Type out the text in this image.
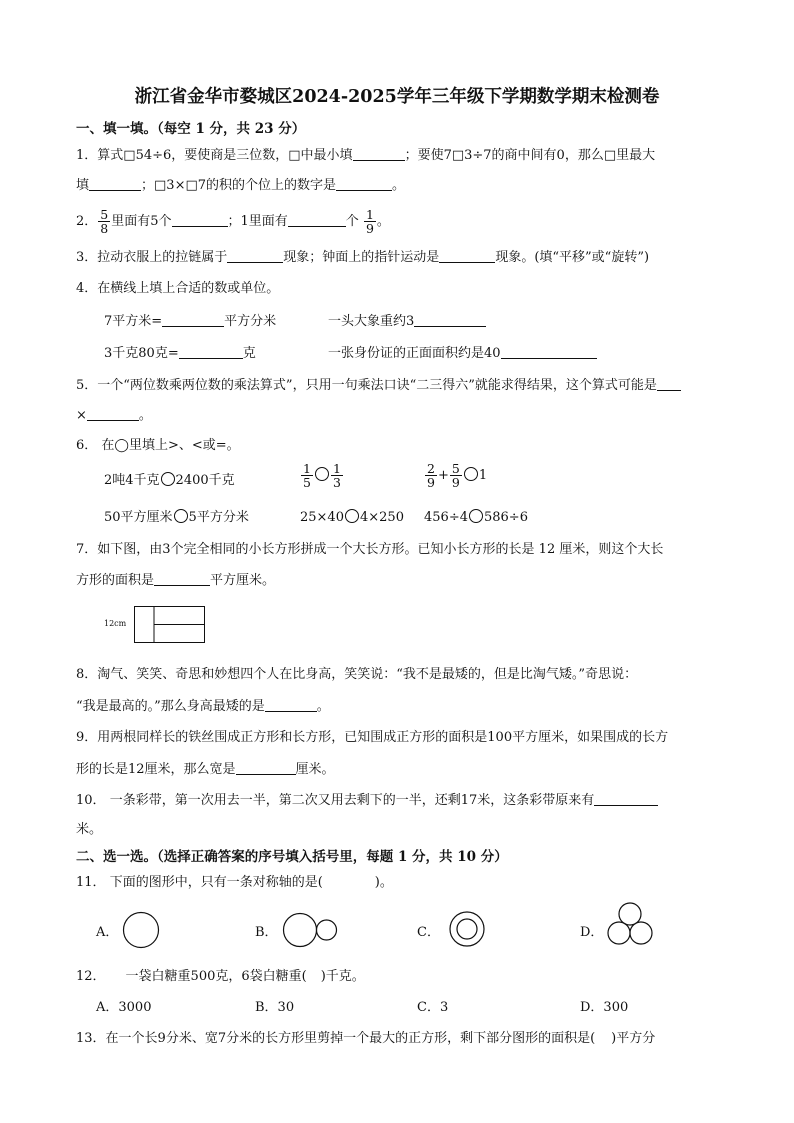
浙江省金华市婺城区2024-2025学年三年级下学期数学期末检测卷
一、填一填。（每空 1 分，共 23 分）
1．算式□54÷6，要使商是三位数，□中最小填	；要使7□3÷7的商中间有0，那么□里最大
填	；□3×□7的积的个位上的数字是	。
2． $\frac{5}{8}$ 里面有5个	；1里面有	个 $\frac{1}{9}$ 。
3．拉动衣服上的拉链属于	现象；钟面上的指针运动是	现象。(填“平移”或“旋转”)
4．在横线上填上合适的数或单位。
7平方米=	平方分米	一头大象重约3
3千克80克=	克	一张身份证的正面面积约是40
5．一个“两位数乘两位数的乘法算式”，只用一句乘法口诀“二三得六”就能求得结果，这个算式可能是
×	。
6． 在◯里填上>、<或=。
2吨4千克 2400千克	$\frac{1}{5} \frac{1}{3}$	$\frac{2}{9} + \frac{5}{9} 1$
50平方厘米 5平方分米	25×40 4×250 456÷4 586÷6
7．如下图，由3个完全相同的小长方形拼成一个大长方形。已知小长方形的长是 12 厘米，则这个大长
方形的面积是	平方厘米。
12cm
8．淘气、笑笑、奇思和妙想四个人在比身高，笑笑说：“我不是最矮的，但是比淘气矮。”奇思说：
“我是最高的。”那么身高最矮的是	。
9．用两根同样长的铁丝围成正方形和长方形，已知围成正方形的面积是100平方厘米，如果围成的长方
形的长是12厘米，那么宽是	厘米。
10． 一条彩带，第一次用去一半，第二次又用去剩下的一半，还剩17米，这条彩带原来有
米。
二、选一选。（选择正确答案的序号填入括号里，每题 1 分，共 10 分）
11． 下面的图形中，只有一条对称轴的是(	)。
A．	B．	C．	D．
12． 一袋白糖重500克，6袋白糖重( )千克。
A．3000	B．30	C．3	D．300
13．在一个长9分米、宽7分米的长方形里剪掉一个最大的正方形，剩下部分图形的面积是( )平方分
